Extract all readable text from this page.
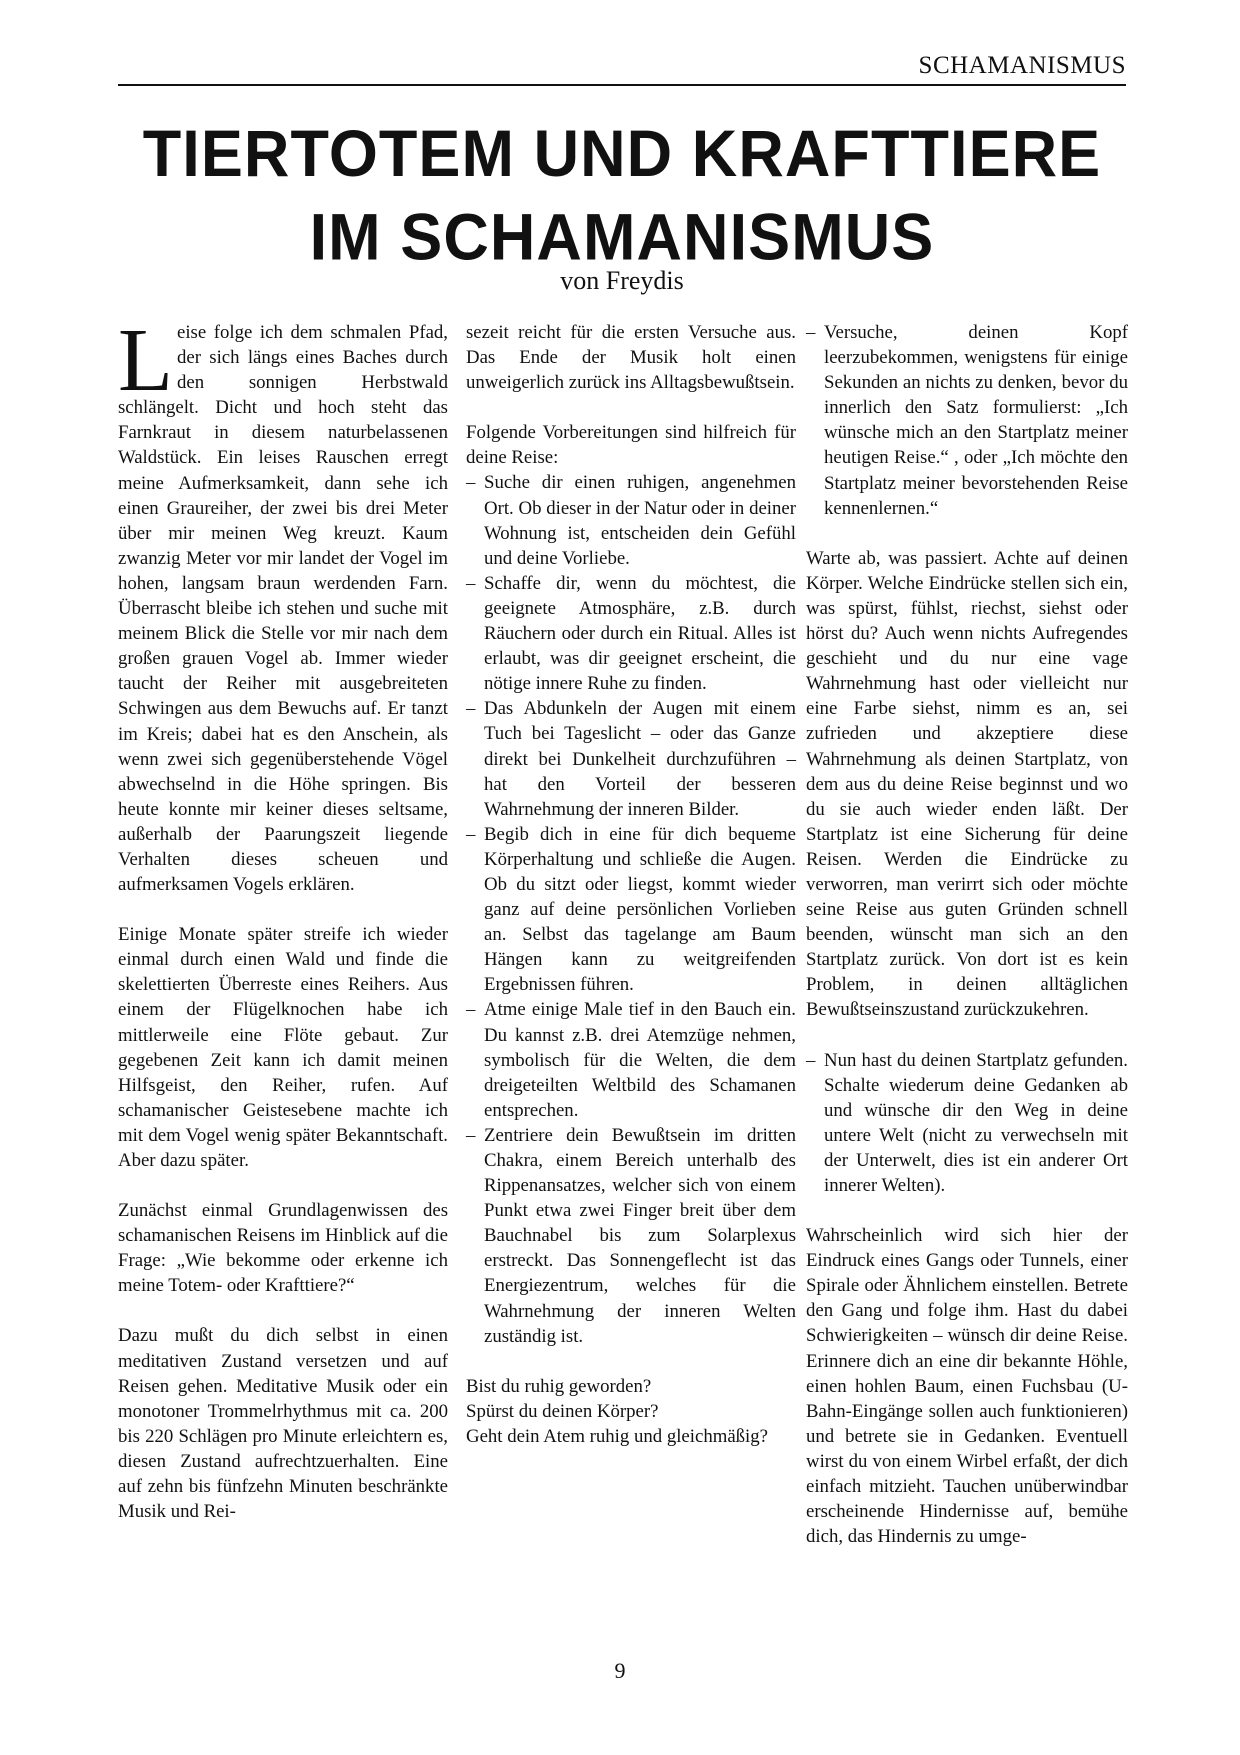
SCHAMANISMUS
TIERTOTEM UND KRAFTTIERE
IM SCHAMANISMUS
von Freydis

Leise folge ich dem schmalen Pfad, der sich längs eines Baches durch den sonnigen Herbstwald schlängelt. Dicht und hoch steht das Farnkraut in diesem naturbelassenen Waldstück. Ein leises Rauschen erregt meine Aufmerksamkeit, dann sehe ich einen Graureiher, der zwei bis drei Meter über mir meinen Weg kreuzt. Kaum zwanzig Meter vor mir landet der Vogel im hohen, langsam braun werdenden Farn. Überrascht bleibe ich stehen und suche mit meinem Blick die Stelle vor mir nach dem großen grauen Vogel ab. Immer wieder taucht der Reiher mit ausgebreiteten Schwingen aus dem Bewuchs auf. Er tanzt im Kreis; dabei hat es den Anschein, als wenn zwei sich gegenüberstehende Vögel abwechselnd in die Höhe springen. Bis heute konnte mir keiner dieses seltsame, außerhalb der Paarungszeit liegende Verhalten dieses scheuen und aufmerksamen Vogels erklären.

Einige Monate später streife ich wieder einmal durch einen Wald und finde die skelettierten Überreste eines Reihers. Aus einem der Flügelknochen habe ich mittlerweile eine Flöte gebaut. Zur gegebenen Zeit kann ich damit meinen Hilfsgeist, den Reiher, rufen. Auf schamanischer Geistesebene machte ich mit dem Vogel wenig später Bekanntschaft. Aber dazu später.

Zunächst einmal Grundlagenwissen des schamanischen Reisens im Hinblick auf die Frage: „Wie bekomme oder erkenne ich meine Totem- oder Krafttiere?“

Dazu mußt du dich selbst in einen meditativen Zustand versetzen und auf Reisen gehen. Meditative Musik oder ein monotoner Trommelrhythmus mit ca. 200 bis 220 Schlägen pro Minute erleichtern es, diesen Zustand aufrechtzuerhalten. Eine auf zehn bis fünfzehn Minuten beschränkte Musik und Rei-

sezeit reicht für die ersten Versuche aus. Das Ende der Musik holt einen unweigerlich zurück ins Alltagsbewußtsein.

Folgende Vorbereitungen sind hilfreich für deine Reise:

– Suche dir einen ruhigen, angenehmen Ort. Ob dieser in der Natur oder in deiner Wohnung ist, entscheiden dein Gefühl und deine Vorliebe.
– Schaffe dir, wenn du möchtest, die geeignete Atmosphäre, z.B. durch Räuchern oder durch ein Ritual. Alles ist erlaubt, was dir geeignet erscheint, die nötige innere Ruhe zu finden.
– Das Abdunkeln der Augen mit einem Tuch bei Tageslicht – oder das Ganze direkt bei Dunkelheit durchzuführen – hat den Vorteil der besseren Wahrnehmung der inneren Bilder.
– Begib dich in eine für dich bequeme Körperhaltung und schließe die Augen. Ob du sitzt oder liegst, kommt wieder ganz auf deine persönlichen Vorlieben an. Selbst das tagelange am Baum Hängen kann zu weitgreifenden Ergebnissen führen.
– Atme einige Male tief in den Bauch ein. Du kannst z.B. drei Atemzüge nehmen, symbolisch für die Welten, die dem dreigeteilten Weltbild des Schamanen entsprechen.
– Zentriere dein Bewußtsein im dritten Chakra, einem Bereich unterhalb des Rippenansatzes, welcher sich von einem Punkt etwa zwei Finger breit über dem Bauchnabel bis zum Solarplexus erstreckt. Das Sonnengeflecht ist das Energiezentrum, welches für die Wahrnehmung der inneren Welten zuständig ist.

Bist du ruhig geworden?

Spürst du deinen Körper?

Geht dein Atem ruhig und gleichmäßig?

– Versuche, deinen Kopf leerzubekommen, wenigstens für einige Sekunden an nichts zu denken, bevor du innerlich den Satz formulierst: „Ich wünsche mich an den Startplatz meiner heutigen Reise.“ , oder „Ich möchte den Startplatz meiner bevorstehenden Reise kennenlernen.“

Warte ab, was passiert. Achte auf deinen Körper. Welche Eindrücke stellen sich ein, was spürst, fühlst, riechst, siehst oder hörst du? Auch wenn nichts Aufregendes geschieht und du nur eine vage Wahrnehmung hast oder vielleicht nur eine Farbe siehst, nimm es an, sei zufrieden und akzeptiere diese Wahrnehmung als deinen Startplatz, von dem aus du deine Reise beginnst und wo du sie auch wieder enden läßt. Der Startplatz ist eine Sicherung für deine Reisen. Werden die Eindrücke zu verworren, man verirrt sich oder möchte seine Reise aus guten Gründen schnell beenden, wünscht man sich an den Startplatz zurück. Von dort ist es kein Problem, in deinen alltäglichen Bewußtseinszustand zurückzukehren.

– Nun hast du deinen Startplatz gefunden. Schalte wiederum deine Gedanken ab und wünsche dir den Weg in deine untere Welt (nicht zu verwechseln mit der Unterwelt, dies ist ein anderer Ort innerer Welten).

Wahrscheinlich wird sich hier der Eindruck eines Gangs oder Tunnels, einer Spirale oder Ähnlichem einstellen. Betrete den Gang und folge ihm. Hast du dabei Schwierigkeiten – wünsch dir deine Reise. Erinnere dich an eine dir bekannte Höhle, einen hohlen Baum, einen Fuchsbau (U-Bahn-Eingänge sollen auch funktionieren) und betrete sie in Gedanken. Eventuell wirst du von einem Wirbel erfaßt, der dich einfach mitzieht. Tauchen unüberwindbar erscheinende Hindernisse auf, bemühe dich, das Hindernis zu umge-

9
